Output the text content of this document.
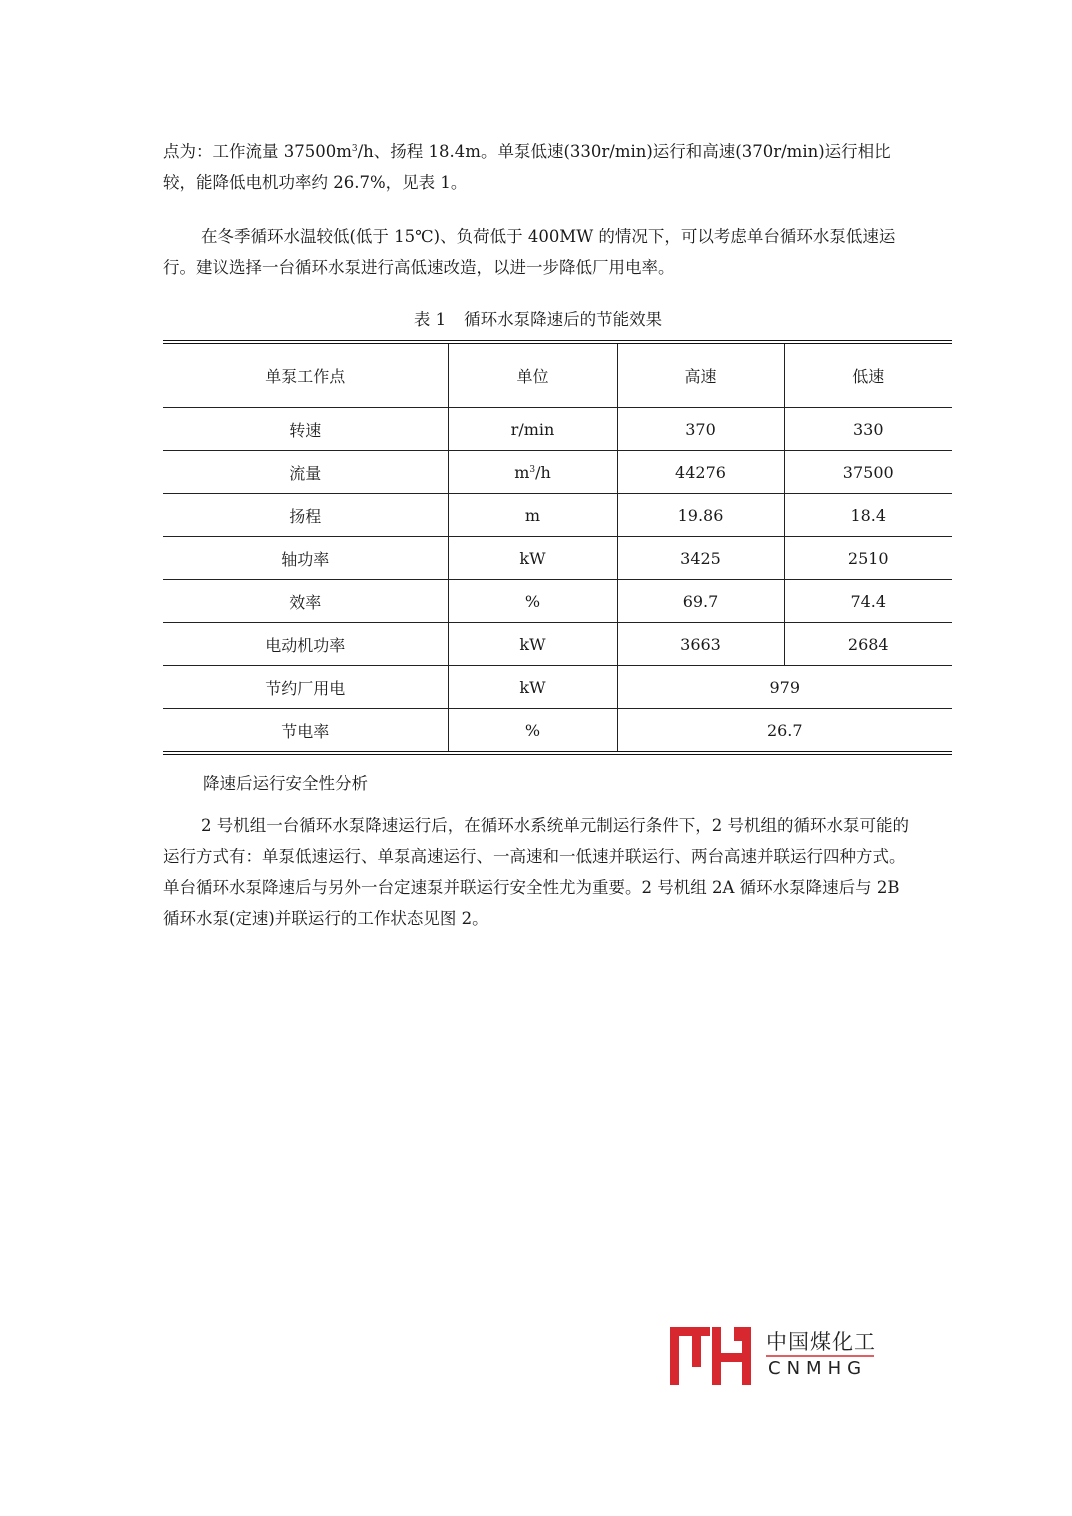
点为：工作流量 $37500m^3/h$、扬程 18.4m。单泵低速(330r/min)运行和高速(370r/min)运行相比较，能降低电机功率约 26.7%，见表 1。

在冬季循环水温较低(低于 15℃)、负荷低于 400MW 的情况下，可以考虑单台循环水泵低速运行。建议选择一台循环水泵进行高低速改造，以进一步降低厂用电率。

表 1 循环水泵降速后的节能效果
单泵工作点	单位	高速	低速
转速	r/min	370	330
流量	$m^3/h$	44276	37500
扬程	m	19.86	18.4
轴功率	kW	3425	2510
效率	%	69.7	74.4
电动机功率	kW	3663	2684
节约厂用电	kW	979	
节电率	%	26.7	

降速后运行安全性分析

2 号机组一台循环水泵降速运行后，在循环水系统单元制运行条件下，2 号机组的循环水泵可能的运行方式有：单泵低速运行、单泵高速运行、一高速和一低速并联运行、两台高速并联运行四种方式。单台循环水泵降速后与另外一台定速泵并联运行安全性尤为重要。2 号机组 2A 循环水泵降速后与 2B 循环水泵(定速)并联运行的工作状态见图 2。

中国煤化工
CNMHG
